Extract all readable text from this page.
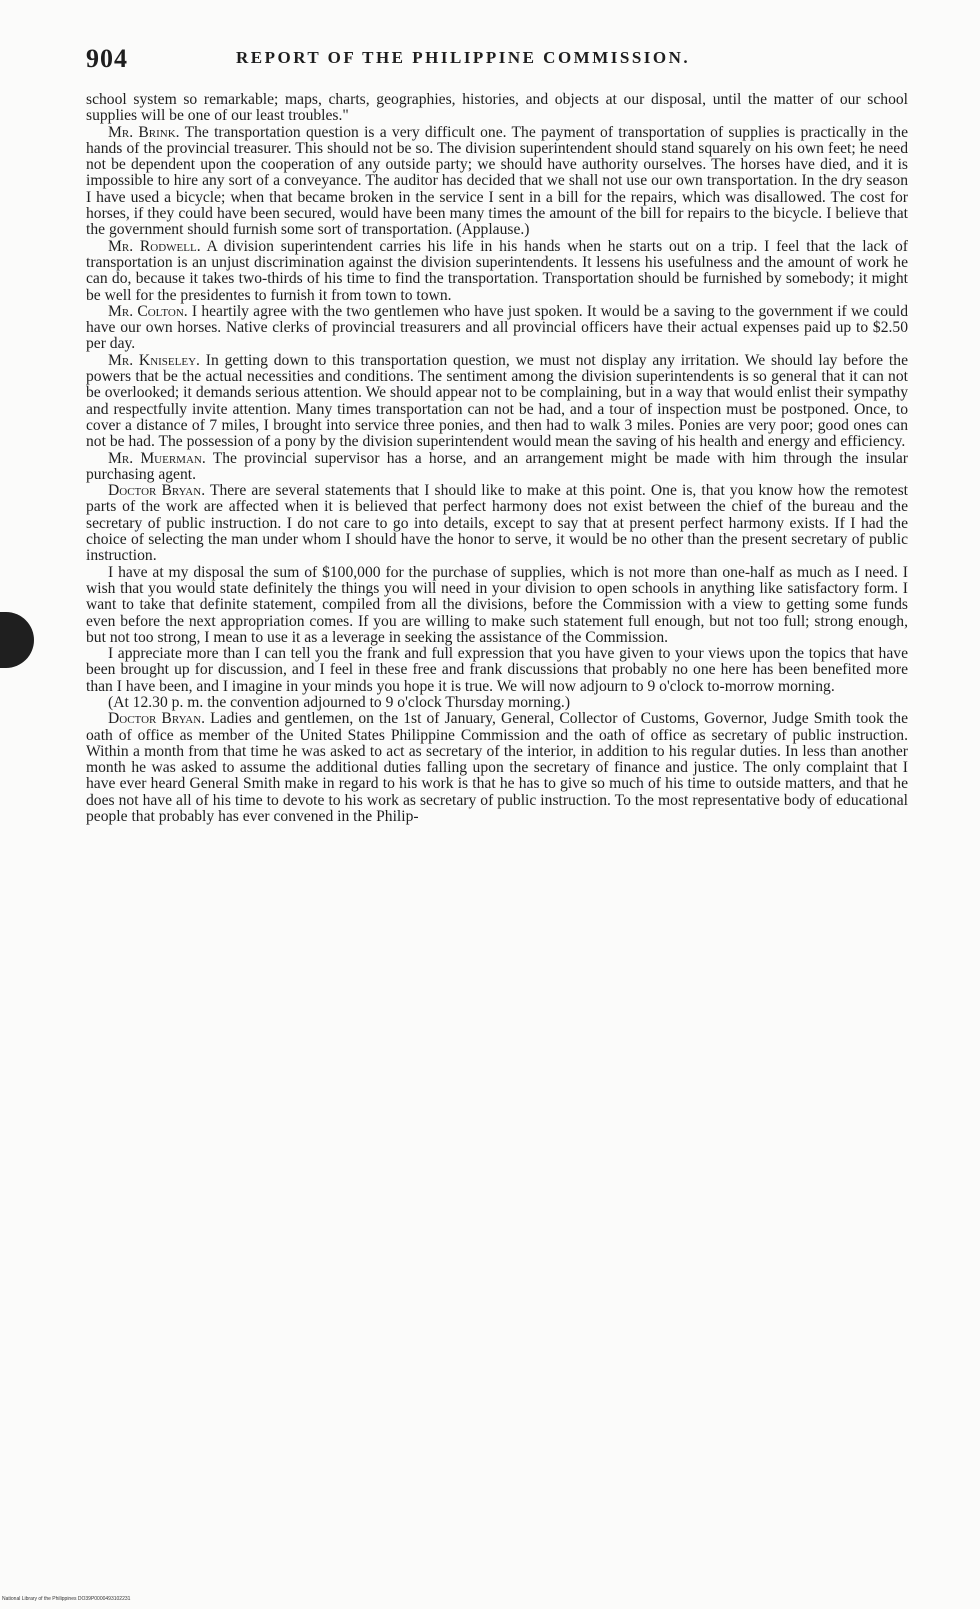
904	REPORT OF THE PHILIPPINE COMMISSION.

school system so remarkable; maps, charts, geographies, histories, and objects at our disposal, until the matter of our school supplies will be one of our least troubles."

Mr. Brink. The transportation question is a very difficult one. The payment of transportation of supplies is practically in the hands of the provincial treasurer. This should not be so. The division superintendent should stand squarely on his own feet; he need not be dependent upon the cooperation of any outside party; we should have authority ourselves. The horses have died, and it is impossible to hire any sort of a conveyance. The auditor has decided that we shall not use our own transportation. In the dry season I have used a bicycle; when that became broken in the service I sent in a bill for the repairs, which was disallowed. The cost for horses, if they could have been secured, would have been many times the amount of the bill for repairs to the bicycle. I believe that the government should furnish some sort of transportation. (Applause.)

Mr. Rodwell. A division superintendent carries his life in his hands when he starts out on a trip. I feel that the lack of transportation is an unjust discrimination against the division superintendents. It lessens his usefulness and the amount of work he can do, because it takes two-thirds of his time to find the transportation. Transportation should be furnished by somebody; it might be well for the presidentes to furnish it from town to town.

Mr. Colton. I heartily agree with the two gentlemen who have just spoken. It would be a saving to the government if we could have our own horses. Native clerks of provincial treasurers and all provincial officers have their actual expenses paid up to $2.50 per day.

Mr. Kniseley. In getting down to this transportation question, we must not display any irritation. We should lay before the powers that be the actual necessities and conditions. The sentiment among the division superintendents is so general that it can not be overlooked; it demands serious attention. We should appear not to be complaining, but in a way that would enlist their sympathy and respectfully invite attention. Many times transportation can not be had, and a tour of inspection must be postponed. Once, to cover a distance of 7 miles, I brought into service three ponies, and then had to walk 3 miles. Ponies are very poor; good ones can not be had. The possession of a pony by the division superintendent would mean the saving of his health and energy and efficiency.

Mr. Muerman. The provincial supervisor has a horse, and an arrangement might be made with him through the insular purchasing agent.

Doctor Bryan. There are several statements that I should like to make at this point. One is, that you know how the remotest parts of the work are affected when it is believed that perfect harmony does not exist between the chief of the bureau and the secretary of public instruction. I do not care to go into details, except to say that at present perfect harmony exists. If I had the choice of selecting the man under whom I should have the honor to serve, it would be no other than the present secretary of public instruction.

I have at my disposal the sum of $100,000 for the purchase of supplies, which is not more than one-half as much as I need. I wish that you would state definitely the things you will need in your division to open schools in anything like satisfactory form. I want to take that definite statement, compiled from all the divisions, before the Commission with a view to getting some funds even before the next appropriation comes. If you are willing to make such statement full enough, but not too full; strong enough, but not too strong, I mean to use it as a leverage in seeking the assistance of the Commission.

I appreciate more than I can tell you the frank and full expression that you have given to your views upon the topics that have been brought up for discussion, and I feel in these free and frank discussions that probably no one here has been benefited more than I have been, and I imagine in your minds you hope it is true. We will now adjourn to 9 o'clock to-morrow morning.

(At 12.30 p. m. the convention adjourned to 9 o'clock Thursday morning.)

Doctor Bryan. Ladies and gentlemen, on the 1st of January, General, Collector of Customs, Governor, Judge Smith took the oath of office as member of the United States Philippine Commission and the oath of office as secretary of public instruction. Within a month from that time he was asked to act as secretary of the interior, in addition to his regular duties. In less than another month he was asked to assume the additional duties falling upon the secretary of finance and justice. The only complaint that I have ever heard General Smith make in regard to his work is that he has to give so much of his time to outside matters, and that he does not have all of his time to devote to his work as secretary of public instruction. To the most representative body of educational people that probably has ever convened in the Philip-

National Library of the Philippines DO39P0000493102231
